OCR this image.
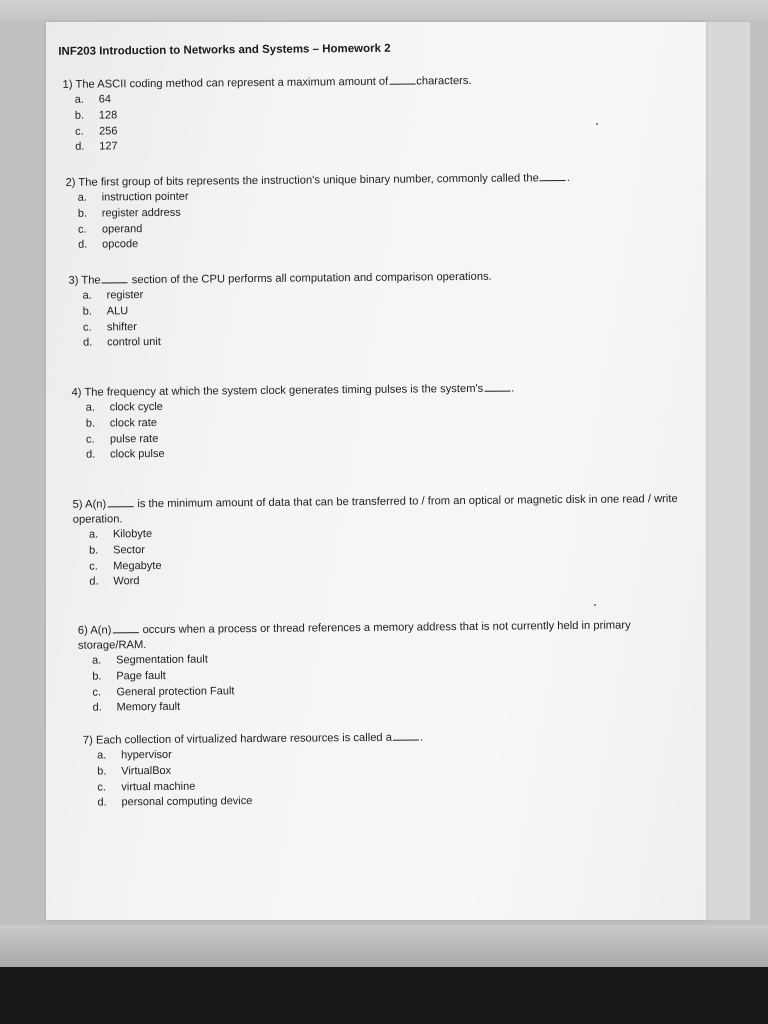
INF203 Introduction to Networks and Systems – Homework 2
1) The ASCII coding method can represent a maximum amount of characters.
a.	64
b.	128
c.	256
d.	127
2) The first group of bits represents the instruction's unique binary number, commonly called the .
a.	instruction pointer
b.	register address
c.	operand
d.	opcode
3) The	section of the CPU performs all computation and comparison operations.
a.	register
b.	ALU
c.	shifter
d.	control unit
4) The frequency at which the system clock generates timing pulses is the system's .
a.	clock cycle
b.	clock rate
c.	pulse rate
d.	clock pulse
5) A(n)	is the minimum amount of data that can be transferred to / from an optical or magnetic disk in one read / write operation.
a.	Kilobyte
b.	Sector
c.	Megabyte
d.	Word
6) A(n)	occurs when a process or thread references a memory address that is not currently held in primary storage/RAM.
a.	Segmentation fault
b.	Page fault
c.	General protection Fault
d.	Memory fault
7) Each collection of virtualized hardware resources is called a .
a.	hypervisor
b.	VirtualBox
c.	virtual machine
d.	personal computing device
